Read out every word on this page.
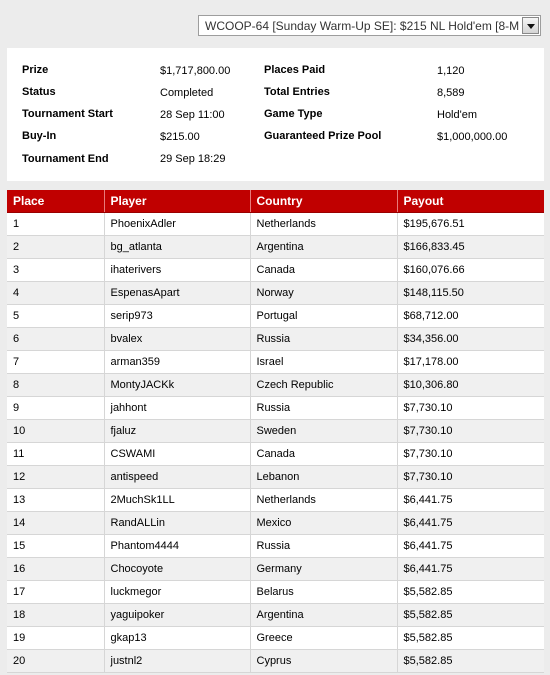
WCOOP-64 [Sunday Warm-Up SE]: $215 NL Hold'em [8-M
Prize	$1,717,800.00
Status	Completed
Tournament Start	28 Sep 11:00
Buy-In	$215.00
Tournament End	29 Sep 18:29
Places Paid	1,120
Total Entries	8,589
Game Type	Hold'em
Guaranteed Prize Pool	$1,000,000.00
Place	Player	Country	Payout
1	PhoenixAdler	Netherlands	$195,676.51
2	bg_atlanta	Argentina	$166,833.45
3	ihaterivers	Canada	$160,076.66
4	EspenasApart	Norway	$148,115.50
5	serip973	Portugal	$68,712.00
6	bvalex	Russia	$34,356.00
7	arman359	Israel	$17,178.00
8	MontyJACKk	Czech Republic	$10,306.80
9	jahhont	Russia	$7,730.10
10	fjaluz	Sweden	$7,730.10
11	CSWAMI	Canada	$7,730.10
12	antispeed	Lebanon	$7,730.10
13	2MuchSk1LL	Netherlands	$6,441.75
14	RandALLin	Mexico	$6,441.75
15	Phantom4444	Russia	$6,441.75
16	Chocoyote	Germany	$6,441.75
17	luckmegor	Belarus	$5,582.85
18	yaguipoker	Argentina	$5,582.85
19	gkap13	Greece	$5,582.85
20	justnl2	Cyprus	$5,582.85
